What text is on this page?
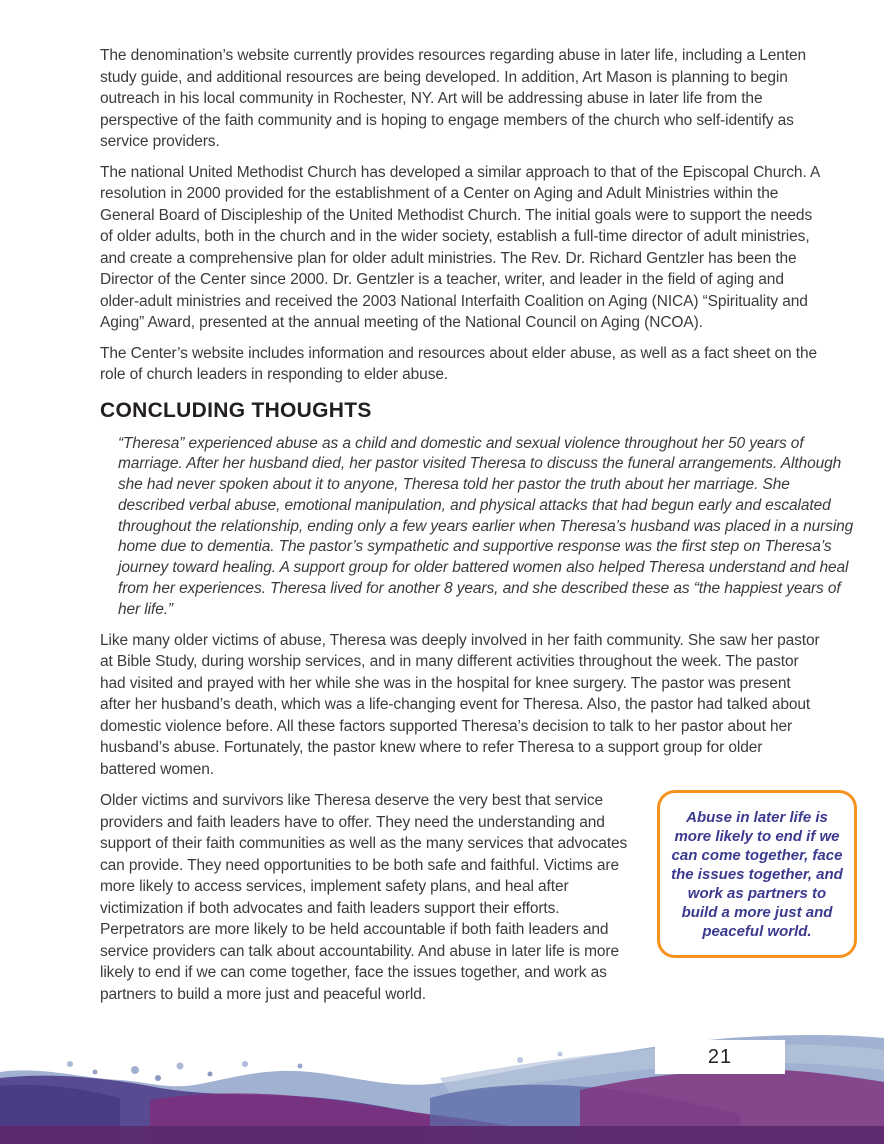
The denomination’s website currently provides resources regarding abuse in later life, including a Lenten study guide, and additional resources are being developed. In addition, Art Mason is planning to begin outreach in his local community in Rochester, NY. Art will be addressing abuse in later life from the perspective of the faith community and is hoping to engage members of the church who self-identify as service providers.

The national United Methodist Church has developed a similar approach to that of the Episcopal Church. A resolution in 2000 provided for the establishment of a Center on Aging and Adult Ministries within the General Board of Discipleship of the United Methodist Church. The initial goals were to support the needs of older adults, both in the church and in the wider society, establish a full-time director of adult ministries, and create a comprehensive plan for older adult ministries. The Rev. Dr. Richard Gentzler has been the Director of the Center since 2000. Dr. Gentzler is a teacher, writer, and leader in the field of aging and older-adult ministries and received the 2003 National Interfaith Coalition on Aging (NICA) “Spirituality and Aging” Award, presented at the annual meeting of the National Council on Aging (NCOA).

The Center’s website includes information and resources about elder abuse, as well as a fact sheet on the role of church leaders in responding to elder abuse.

CONCLUDING THOUGHTS

“Theresa” experienced abuse as a child and domestic and sexual violence throughout her 50 years of marriage. After her husband died, her pastor visited Theresa to discuss the funeral arrangements. Although she had never spoken about it to anyone, Theresa told her pastor the truth about her marriage. She described verbal abuse, emotional manipulation, and physical attacks that had begun early and escalated throughout the relationship, ending only a few years earlier when Theresa’s husband was placed in a nursing home due to dementia. The pastor’s sympathetic and supportive response was the first step on Theresa’s journey toward healing. A support group for older battered women also helped Theresa understand and heal from her experiences. Theresa lived for another 8 years, and she described these as “the happiest years of her life.”

Like many older victims of abuse, Theresa was deeply involved in her faith community. She saw her pastor at Bible Study, during worship services, and in many different activities throughout the week. The pastor had visited and prayed with her while she was in the hospital for knee surgery. The pastor was present after her husband’s death, which was a life-changing event for Theresa. Also, the pastor had talked about domestic violence before. All these factors supported Theresa’s decision to talk to her pastor about her husband’s abuse. Fortunately, the pastor knew where to refer Theresa to a support group for older battered women.

Abuse in later life is more likely to end if we can come together, face the issues together, and work as partners to build a more just and peaceful world.

Older victims and survivors like Theresa deserve the very best that service providers and faith leaders have to offer. They need the understanding and support of their faith communities as well as the many services that advocates can provide. They need opportunities to be both safe and faithful. Victims are more likely to access services, implement safety plans, and heal after victimization if both advocates and faith leaders support their efforts. Perpetrators are more likely to be held accountable if both faith leaders and service providers can talk about accountability. And abuse in later life is more likely to end if we can come together, face the issues together, and work as partners to build a more just and peaceful world.

21
